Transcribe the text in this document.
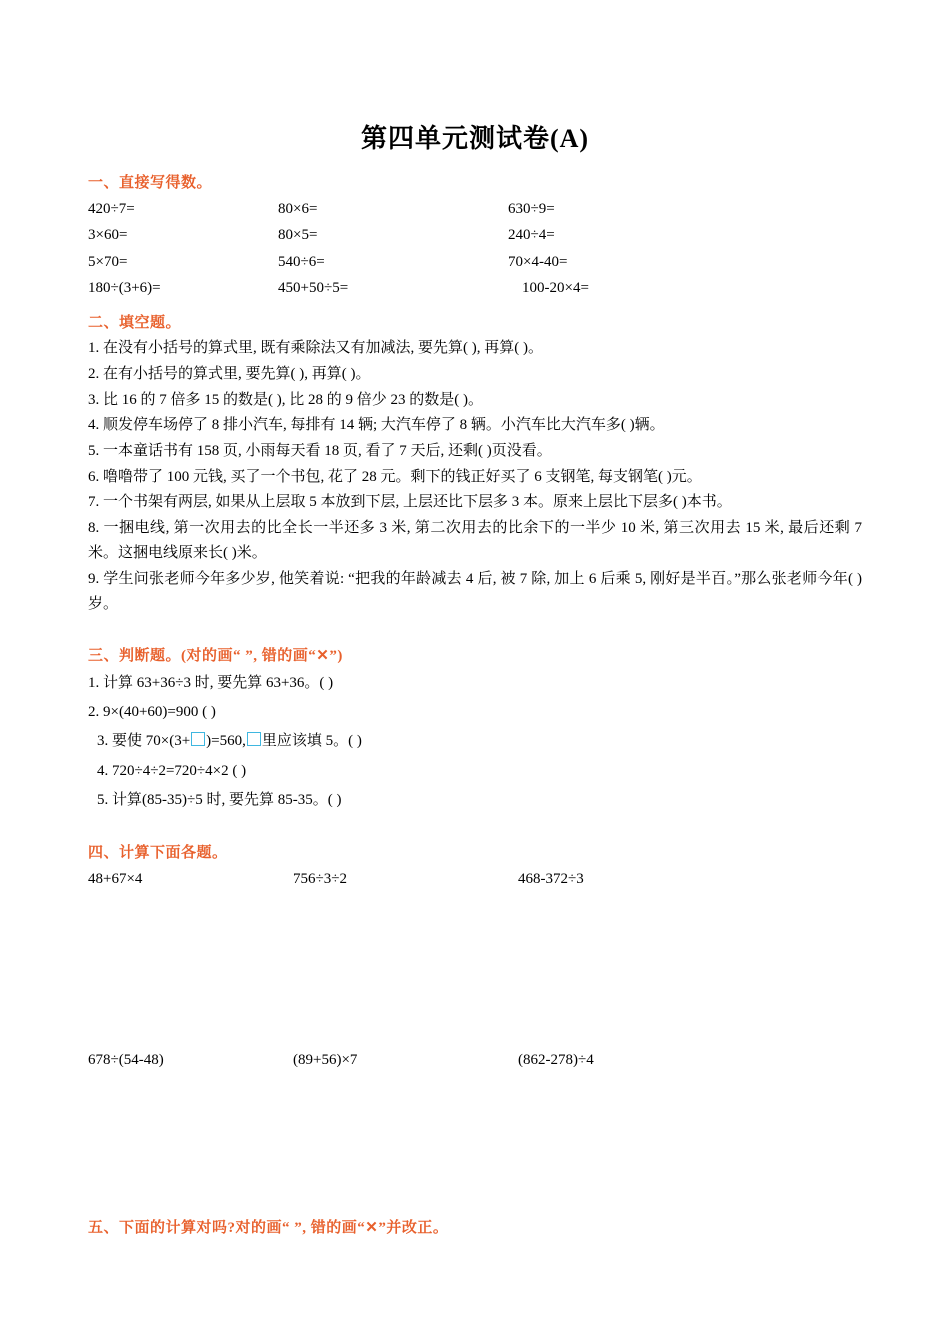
第四单元测试卷(A)
一、直接写得数。
420÷7=	80×6=	630÷9=
3×60=	80×5=	240÷4=
5×70=	540÷6=	70×4-40=
180÷(3+6)=	450+50÷5=	100-20×4=
二、填空题。

1. 在没有小括号的算式里, 既有乘除法又有加减法, 要先算( ), 再算( )。

2. 在有小括号的算式里, 要先算( ), 再算( )。

3. 比 16 的 7 倍多 15 的数是( ), 比 28 的 9 倍少 23 的数是( )。

4. 顺发停车场停了 8 排小汽车, 每排有 14 辆; 大汽车停了 8 辆。小汽车比大汽车多( )辆。

5. 一本童话书有 158 页, 小雨每天看 18 页, 看了 7 天后, 还剩( )页没看。

6. 噜噜带了 100 元钱, 买了一个书包, 花了 28 元。剩下的钱正好买了 6 支钢笔, 每支钢笔( )元。

7. 一个书架有两层, 如果从上层取 5 本放到下层, 上层还比下层多 3 本。原来上层比下层多( )本书。

8. 一捆电线, 第一次用去的比全长一半还多 3 米, 第二次用去的比余下的一半少 10 米, 第三次用去 15 米, 最后还剩 7 米。这捆电线原来长( )米。

9. 学生问张老师今年多少岁, 他笑着说: “把我的年龄减去 4 后, 被 7 除, 加上 6 后乘 5, 刚好是半百。”那么张老师今年( )岁。

三、判断题。(对的画“ ”, 错的画“✕”)

1. 计算 63+36÷3 时, 要先算 63+36。( )

2. 9×(40+60)=900 ( )

3. 要使 70×(3+ )=560, 里应该填 5。( )

4. 720÷4÷2=720÷4×2 ( )

5. 计算(85-35)÷5 时, 要先算 85-35。( )

四、计算下面各题。
48+67×4	756÷3÷2	468-372÷3
678÷(54-48)	(89+56)×7	(862-278)÷4
五、下面的计算对吗?对的画“ ”, 错的画“✕”并改正。
